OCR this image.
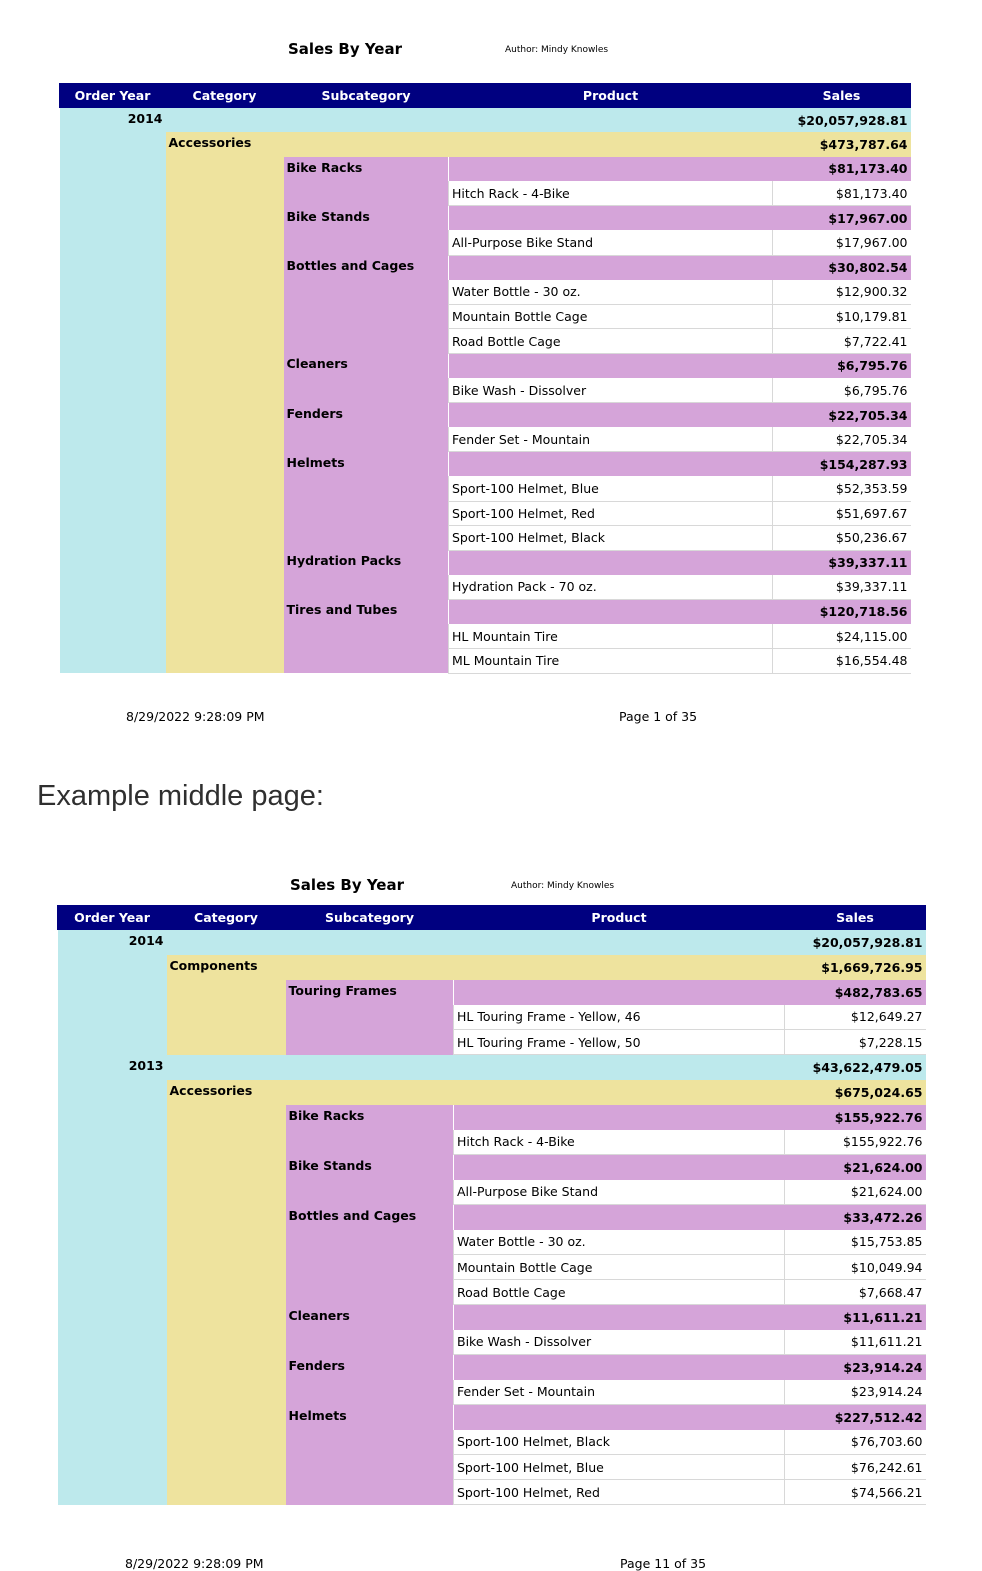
Sales By Year	Author: Mindy Knowles
Order Year	Category	Subcategory	Product	Sales
2014				$20,057,928.81
	Accessories			$473,787.64
		Bike Racks		$81,173.40
			Hitch Rack - 4-Bike	$81,173.40
		Bike Stands		$17,967.00
			All-Purpose Bike Stand	$17,967.00
		Bottles and Cages		$30,802.54
			Water Bottle - 30 oz.	$12,900.32
			Mountain Bottle Cage	$10,179.81
			Road Bottle Cage	$7,722.41
		Cleaners		$6,795.76
			Bike Wash - Dissolver	$6,795.76
		Fenders		$22,705.34
			Fender Set - Mountain	$22,705.34
		Helmets		$154,287.93
			Sport-100 Helmet, Blue	$52,353.59
			Sport-100 Helmet, Red	$51,697.67
			Sport-100 Helmet, Black	$50,236.67
		Hydration Packs		$39,337.11
			Hydration Pack - 70 oz.	$39,337.11
		Tires and Tubes		$120,718.56
			HL Mountain Tire	$24,115.00
			ML Mountain Tire	$16,554.48
8/29/2022 9:28:09 PM	Page 1 of 35
Example middle page:
Sales By Year	Author: Mindy Knowles
Order Year	Category	Subcategory	Product	Sales
2014				$20,057,928.81
	Components			$1,669,726.95
		Touring Frames		$482,783.65
			HL Touring Frame - Yellow, 46	$12,649.27
			HL Touring Frame - Yellow, 50	$7,228.15
2013				$43,622,479.05
	Accessories			$675,024.65
		Bike Racks		$155,922.76
			Hitch Rack - 4-Bike	$155,922.76
		Bike Stands		$21,624.00
			All-Purpose Bike Stand	$21,624.00
		Bottles and Cages		$33,472.26
			Water Bottle - 30 oz.	$15,753.85
			Mountain Bottle Cage	$10,049.94
			Road Bottle Cage	$7,668.47
		Cleaners		$11,611.21
			Bike Wash - Dissolver	$11,611.21
		Fenders		$23,914.24
			Fender Set - Mountain	$23,914.24
		Helmets		$227,512.42
			Sport-100 Helmet, Black	$76,703.60
			Sport-100 Helmet, Blue	$76,242.61
			Sport-100 Helmet, Red	$74,566.21
8/29/2022 9:28:09 PM	Page 11 of 35
